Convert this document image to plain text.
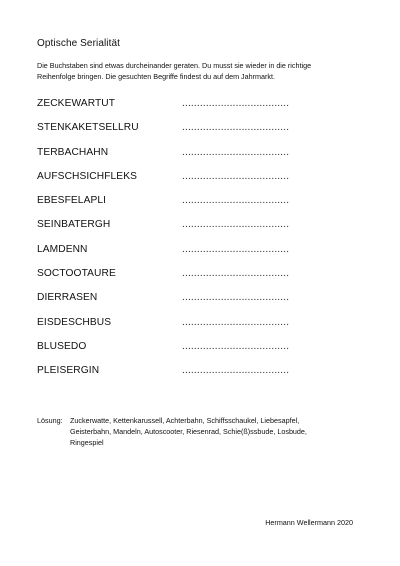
Optische Serialität
Die Buchstaben sind etwas durcheinander geraten. Du musst sie wieder in die richtige
Reihenfolge bringen. Die gesuchten Begriffe findest du auf dem Jahrmarkt.
ZECKEWARTUT	....................................
STENKAKETSELLRU	....................................
TERBACHAHN	....................................
AUFSCHSICHFLEKS	....................................
EBESFELAPLI	....................................
SEINBATERGH	....................................
LAMDENN	....................................
SOCTOOTAURE	....................................
DIERRASEN	....................................
EISDESCHBUS	....................................
BLUSEDO	....................................
PLEISERGIN	....................................
Lösung: Zuckerwatte, Kettenkarussell, Achterbahn, Schiffsschaukel, Liebesapfel,
Geisterbahn, Mandeln, Autoscooter, Riesenrad, Schie(ß)ssbude, Losbude,
Ringespiel
Hermann Wellermann 2020
